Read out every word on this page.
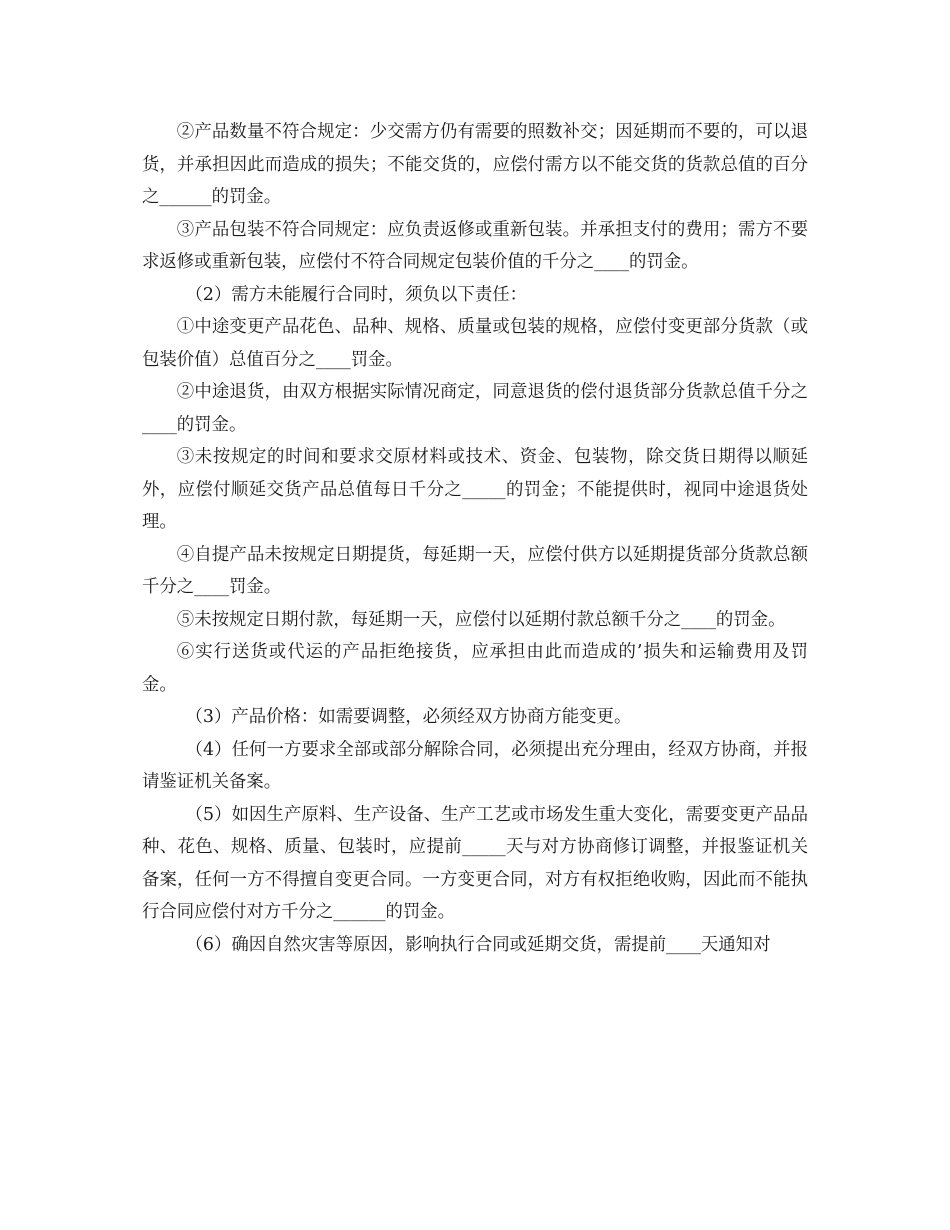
②产品数量不符合规定：少交需方仍有需要的照数补交；因延期而不要的，可以退货，并承担因此而造成的损失；不能交货的，应偿付需方以不能交货的货款总值的百分之______的罚金。

③产品包装不符合同规定：应负责返修或重新包装。并承担支付的费用；需方不要求返修或重新包装，应偿付不符合同规定包装价值的千分之____的罚金。

（2）需方未能履行合同时，须负以下责任：

①中途变更产品花色、品种、规格、质量或包装的规格，应偿付变更部分货款（或包装价值）总值百分之____罚金。

②中途退货，由双方根据实际情况商定，同意退货的偿付退货部分货款总值千分之____的罚金。

③未按规定的时间和要求交原材料或技术、资金、包装物，除交货日期得以顺延外，应偿付顺延交货产品总值每日千分之_____的罚金；不能提供时，视同中途退货处理。

④自提产品未按规定日期提货，每延期一天，应偿付供方以延期提货部分货款总额千分之____罚金。

⑤未按规定日期付款，每延期一天，应偿付以延期付款总额千分之____的罚金。

⑥实行送货或代运的产品拒绝接货，应承担由此而造成的’损失和运输费用及罚金。

（3）产品价格：如需要调整，必须经双方协商方能变更。

（4）任何一方要求全部或部分解除合同，必须提出充分理由，经双方协商，并报请鉴证机关备案。

（5）如因生产原料、生产设备、生产工艺或市场发生重大变化，需要变更产品品种、花色、规格、质量、包装时，应提前_____天与对方协商修订调整，并报鉴证机关备案，任何一方不得擅自变更合同。一方变更合同，对方有权拒绝收购，因此而不能执行合同应偿付对方千分之______的罚金。

（6）确因自然灾害等原因，影响执行合同或延期交货，需提前____天通知对
